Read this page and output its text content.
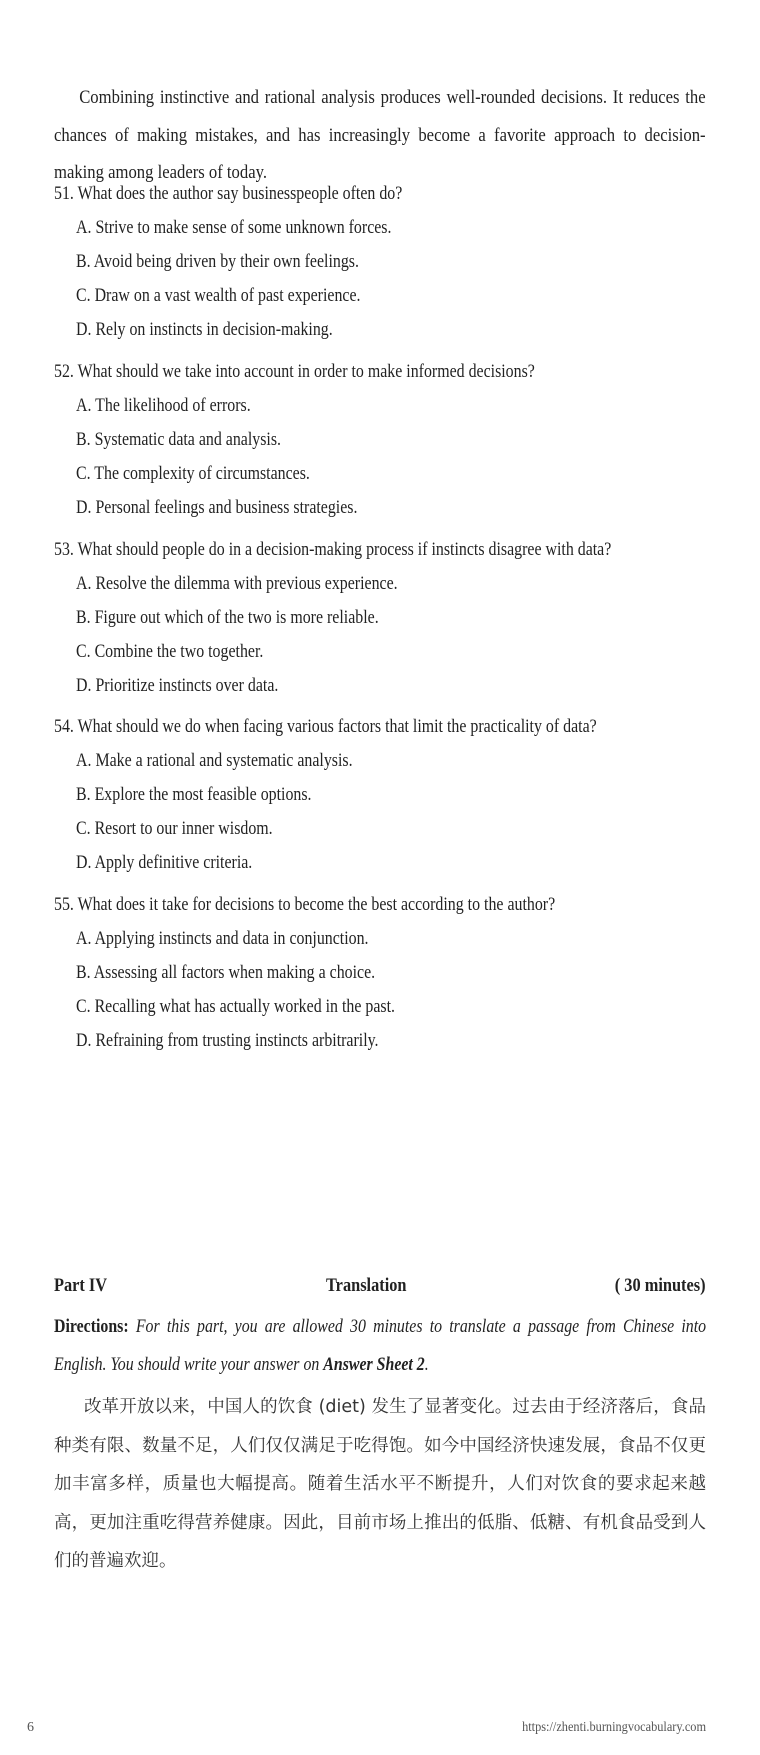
Combining instinctive and rational analysis produces well-rounded decisions. It reduces the chances of making mistakes, and has increasingly become a favorite approach to decision-making among leaders of today.

51. What does the author say businesspeople often do?
A. Strive to make sense of some unknown forces.
B. Avoid being driven by their own feelings.
C. Draw on a vast wealth of past experience.
D. Rely on instincts in decision-making.
52. What should we take into account in order to make informed decisions?
A. The likelihood of errors.
B. Systematic data and analysis.
C. The complexity of circumstances.
D. Personal feelings and business strategies.
53. What should people do in a decision-making process if instincts disagree with data?
A. Resolve the dilemma with previous experience.
B. Figure out which of the two is more reliable.
C. Combine the two together.
D. Prioritize instincts over data.
54. What should we do when facing various factors that limit the practicality of data?
A. Make a rational and systematic analysis.
B. Explore the most feasible options.
C. Resort to our inner wisdom.
D. Apply definitive criteria.
55. What does it take for decisions to become the best according to the author?
A. Applying instincts and data in conjunction.
B. Assessing all factors when making a choice.
C. Recalling what has actually worked in the past.
D. Refraining from trusting instincts arbitrarily.
Part IV	Translation	( 30 minutes)

Directions: For this part, you are allowed 30 minutes to translate a passage from Chinese into English. You should write your answer on Answer Sheet 2.

改革开放以来，中国人的饮食 (diet) 发生了显著变化。过去由于经济落后，食品种类有限、数量不足，人们仅仅满足于吃得饱。如今中国经济快速发展，食品不仅更加丰富多样，质量也大幅提高。随着生活水平不断提升，人们对饮食的要求起来越高，更加注重吃得营养健康。因此，目前市场上推出的低脂、低糖、有机食品受到人们的普遍欢迎。

6	https://zhenti.burningvocabulary.com
